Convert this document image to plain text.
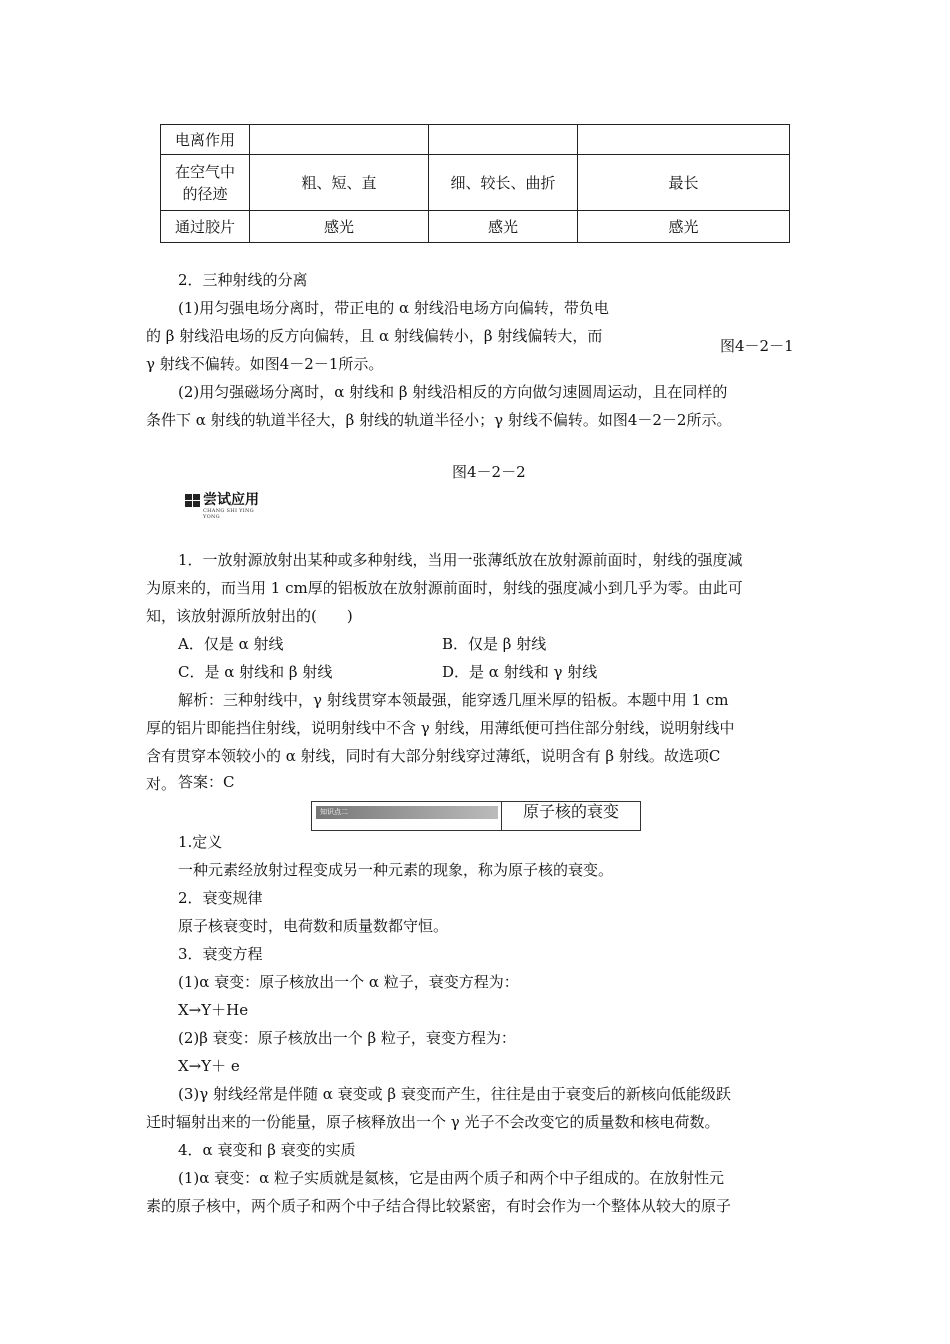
电离作用			
在空气中
的径迹	粗、短、直	细、较长、曲折	最长
通过胶片	感光	感光	感光
2．三种射线的分离
(1)用匀强电场分离时，带正电的 α 射线沿电场方向偏转，带负电
的 β 射线沿电场的反方向偏转，且 α 射线偏转小，β 射线偏转大，而
γ 射线不偏转。如图4－2－1所示。
图4－2－1
(2)用匀强磁场分离时，α 射线和 β 射线沿相反的方向做匀速圆周运动，且在同样的
条件下 α 射线的轨道半径大，β 射线的轨道半径小；γ 射线不偏转。如图4－2－2所示。
图4－2－2
尝试应用
CHANG SHI YING YONG
1．一放射源放射出某种或多种射线，当用一张薄纸放在放射源前面时，射线的强度减
为原来的，而当用 1 cm厚的铝板放在放射源前面时，射线的强度减小到几乎为零。由此可
知，该放射源所放射出的(　　)
A．仅是 α 射线	B．仅是 β 射线
C．是 α 射线和 β 射线	D．是 α 射线和 γ 射线
解析：三种射线中，γ 射线贯穿本领最强，能穿透几厘米厚的铅板。本题中用 1 cm
厚的铝片即能挡住射线，说明射线中不含 γ 射线，用薄纸便可挡住部分射线，说明射线中
含有贯穿本领较小的 α 射线，同时有大部分射线穿过薄纸，说明含有 β 射线。故选项C
对。 答案：C
知识点二	原子核的衰变
1.定义
一种元素经放射过程变成另一种元素的现象，称为原子核的衰变。
2．衰变规律
原子核衰变时，电荷数和质量数都守恒。
3．衰变方程
(1)α 衰变：原子核放出一个 α 粒子，衰变方程为：
X→Y＋He
(2)β 衰变：原子核放出一个 β 粒子，衰变方程为：
X→Y＋ e
(3)γ 射线经常是伴随 α 衰变或 β 衰变而产生，往往是由于衰变后的新核向低能级跃
迁时辐射出来的一份能量，原子核释放出一个 γ 光子不会改变它的质量数和核电荷数。
4．α 衰变和 β 衰变的实质
(1)α 衰变：α 粒子实质就是氦核，它是由两个质子和两个中子组成的。在放射性元
素的原子核中，两个质子和两个中子结合得比较紧密，有时会作为一个整体从较大的原子
